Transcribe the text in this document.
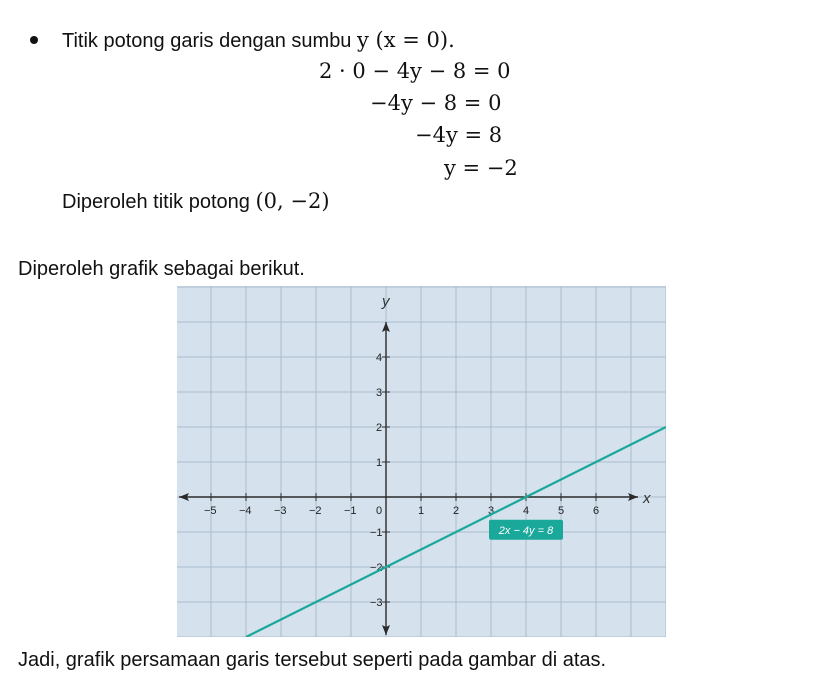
Titik potong garis dengan sumbu y (x = 0).
2 · 0 − 4y − 8 = 0
−4y − 8 = 0
−4y = 8
y = −2
Diperoleh titik potong (0, −2)
Diperoleh grafik sebagai berikut.
x
y
−5 −4 −3 −2 −1 0	1	2	3	4	5	6
−3
−2
−1
1
2
3
4
2x − 4y = 8
Jadi, grafik persamaan garis tersebut seperti pada gambar di atas.
